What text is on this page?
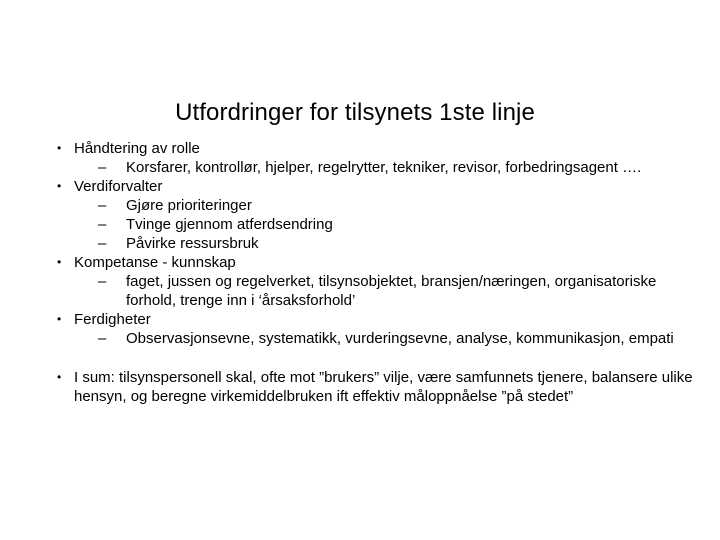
Utfordringer for tilsynets 1ste linje
• Håndtering av rolle
– Korsfarer, kontrollør, hjelper, regelrytter, tekniker, revisor, forbedringsagent ….
• Verdiforvalter
– Gjøre prioriteringer
– Tvinge gjennom atferdsendring
– Påvirke ressursbruk
• Kompetanse - kunnskap
– faget, jussen og regelverket, tilsynsobjektet, bransjen/næringen, organisatoriske forhold, trenge inn i ‘årsaksforhold’
• Ferdigheter
– Observasjonsevne, systematikk, vurderingsevne, analyse, kommunikasjon, empati
• I sum: tilsynspersonell skal, ofte mot ”brukers” vilje, være samfunnets tjenere, balansere ulike hensyn, og beregne virkemiddelbruken ift effektiv måloppnåelse ”på stedet”
